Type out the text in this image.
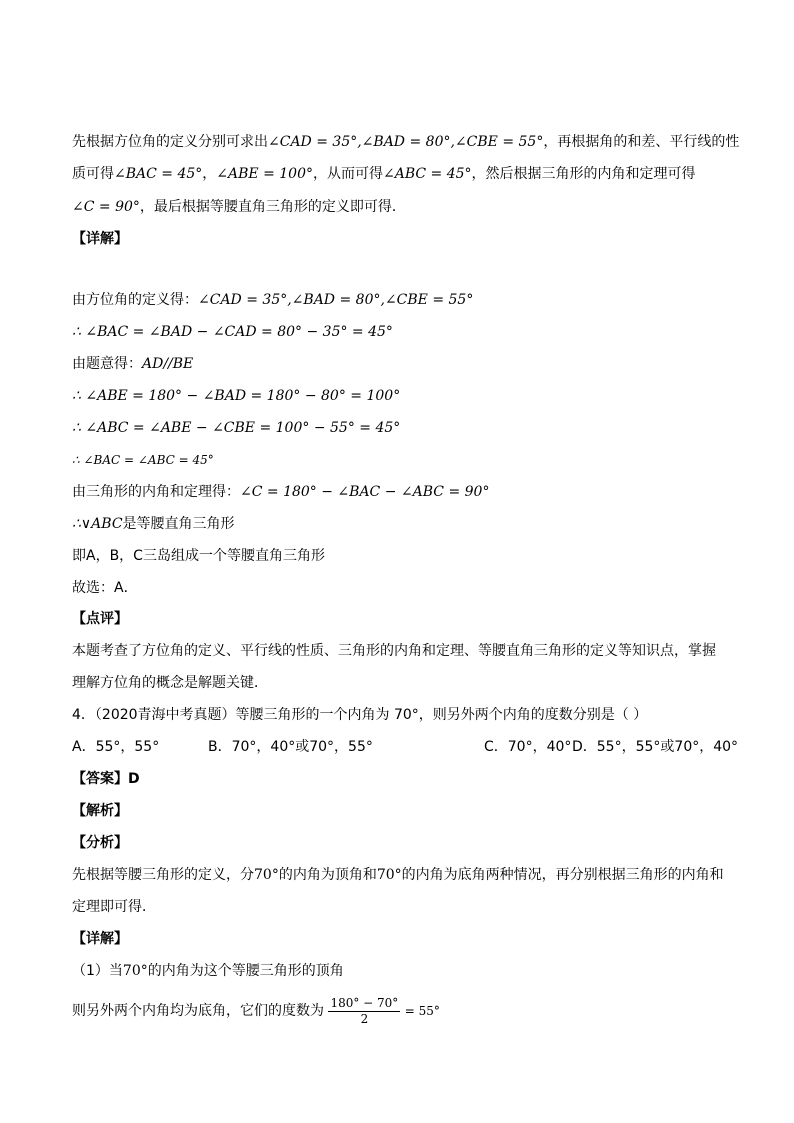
先根据方位角的定义分别可求出∠CAD = 35°,∠BAD = 80°,∠CBE = 55°，再根据角的和差、平行线的性
质可得∠BAC = 45°，∠ABE = 100°，从而可得∠ABC = 45°，然后根据三角形的内角和定理可得
∠C = 90°，最后根据等腰直角三角形的定义即可得．
【详解】
由方位角的定义得：∠CAD = 35°,∠BAD = 80°,∠CBE = 55°
∴ ∠BAC = ∠BAD − ∠CAD = 80° − 35° = 45°
由题意得：AD//BE
∴ ∠ABE = 180° − ∠BAD = 180° − 80° = 100°
∴ ∠ABC = ∠ABE − ∠CBE = 100° − 55° = 45°
∴ ∠BAC = ∠ABC = 45°
由三角形的内角和定理得：∠C = 180° − ∠BAC − ∠ABC = 90°
∴∨ABC是等腰直角三角形
即A，B，C三岛组成一个等腰直角三角形
故选：A．
【点评】
本题考查了方位角的定义、平行线的性质、三角形的内角和定理、等腰直角三角形的定义等知识点，掌握
理解方位角的概念是解题关键．
4．（2020青海中考真题）等腰三角形的一个内角为 70°，则另外两个内角的度数分别是（ ）
A．55°，55°	B．70°，40°或70°，55°	C．70°，40° D．55°，55°或70°，40°
【答案】D
【解析】
【分析】
先根据等腰三角形的定义，分70°的内角为顶角和70°的内角为底角两种情况，再分别根据三角形的内角和
定理即可得．
【详解】
（1）当70°的内角为这个等腰三角形的顶角
则另外两个内角均为底角，它们的度数为 $\frac{180^\circ - 70^\circ}{2} = 55^\circ$
